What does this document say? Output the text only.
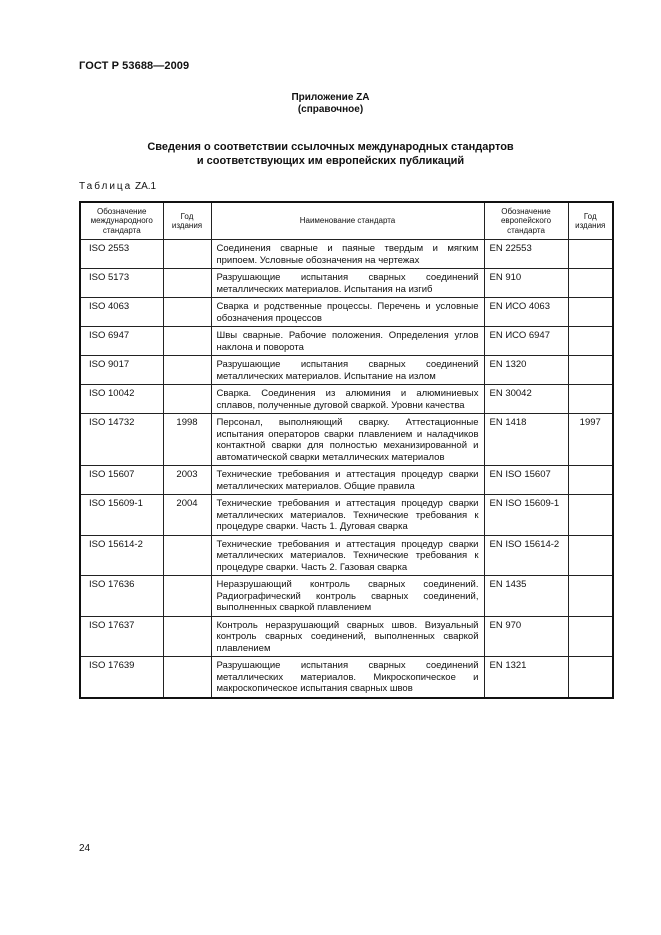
ГОСТ Р 53688—2009
Приложение ZA
(справочное)
Сведения о соответствии ссылочных международных стандартов
и соответствующих им европейских публикаций
Таблица ZA.1
Обозначение международного стандарта	Год издания	Наименование стандарта	Обозначение европейского стандарта	Год издания
ISO 2553		Соединения сварные и паяные твердым и мягким припоем. Условные обозначения на чертежах	EN 22553	
ISO 5173		Разрушающие испытания сварных соединений металлических материалов. Испытания на изгиб	EN 910	
ISO 4063		Сварка и родственные процессы. Перечень и условные обозначения процессов	EN ИСО 4063	
ISO 6947		Швы сварные. Рабочие положения. Определения углов наклона и поворота	EN ИСО 6947	
ISO 9017		Разрушающие испытания сварных соединений металлических материалов. Испытание на излом	EN 1320	
ISO 10042		Сварка. Соединения из алюминия и алюминиевых сплавов, полученные дуговой сваркой. Уровни качества	EN 30042	
ISO 14732	1998	Персонал, выполняющий сварку. Аттестационные испытания операторов сварки плавлением и наладчиков контактной сварки для полностью механизированной и автоматической сварки металлических материалов	EN 1418	1997
ISO 15607	2003	Технические требования и аттестация процедур сварки металлических материалов. Общие правила	EN ISO 15607	
ISO 15609-1	2004	Технические требования и аттестация процедур сварки металлических материалов. Технические требования к процедуре сварки. Часть 1. Дуговая сварка	EN ISO 15609-1	
ISO 15614-2		Технические требования и аттестация процедур сварки металлических материалов. Технические требования к процедуре сварки. Часть 2. Газовая сварка	EN ISO 15614-2	
ISO 17636		Неразрушающий контроль сварных соединений. Радиографический контроль сварных соединений, выполненных сваркой плавлением	EN 1435	
ISO 17637		Контроль неразрушающий сварных швов. Визуальный контроль сварных соединений, выполненных сваркой плавлением	EN 970	
ISO 17639		Разрушающие испытания сварных соединений металлических материалов. Микроскопическое и макроскопическое испытания сварных швов	EN 1321	
24
